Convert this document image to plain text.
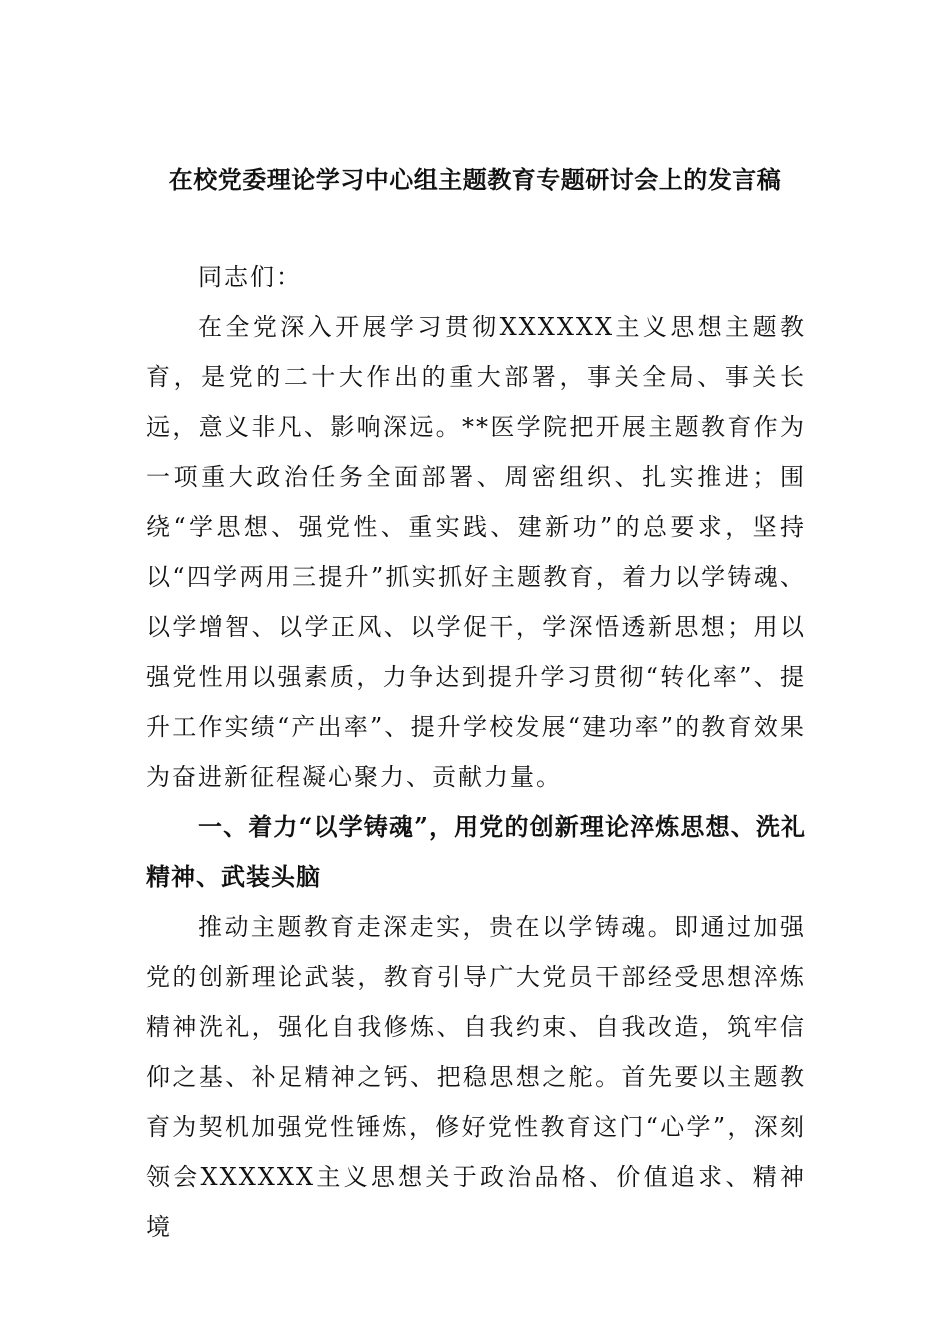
在校党委理论学习中心组主题教育专题研讨会上的发言稿

同志们：

在全党深入开展学习贯彻XXXXXX主义思想主题教育，是党的二十大作出的重大部署，事关全局、事关长远，意义非凡、影响深远。**医学院把开展主题教育作为一项重大政治任务全面部署、周密组织、扎实推进；围绕“学思想、强党性、重实践、建新功”的总要求，坚持以“四学两用三提升”抓实抓好主题教育，着力以学铸魂、以学增智、以学正风、以学促干，学深悟透新思想；用以强党性用以强素质，力争达到提升学习贯彻“转化率”、提升工作实绩“产出率”、提升学校发展“建功率”的教育效果为奋进新征程凝心聚力、贡献力量。

一、着力“以学铸魂”，用党的创新理论淬炼思想、洗礼精神、武装头脑

推动主题教育走深走实，贵在以学铸魂。即通过加强党的创新理论武装，教育引导广大党员干部经受思想淬炼精神洗礼，强化自我修炼、自我约束、自我改造，筑牢信仰之基、补足精神之钙、把稳思想之舵。首先要以主题教育为契机加强党性锤炼，修好党性教育这门“心学”，深刻领会XXXXXX主义思想关于政治品格、价值追求、精神境
